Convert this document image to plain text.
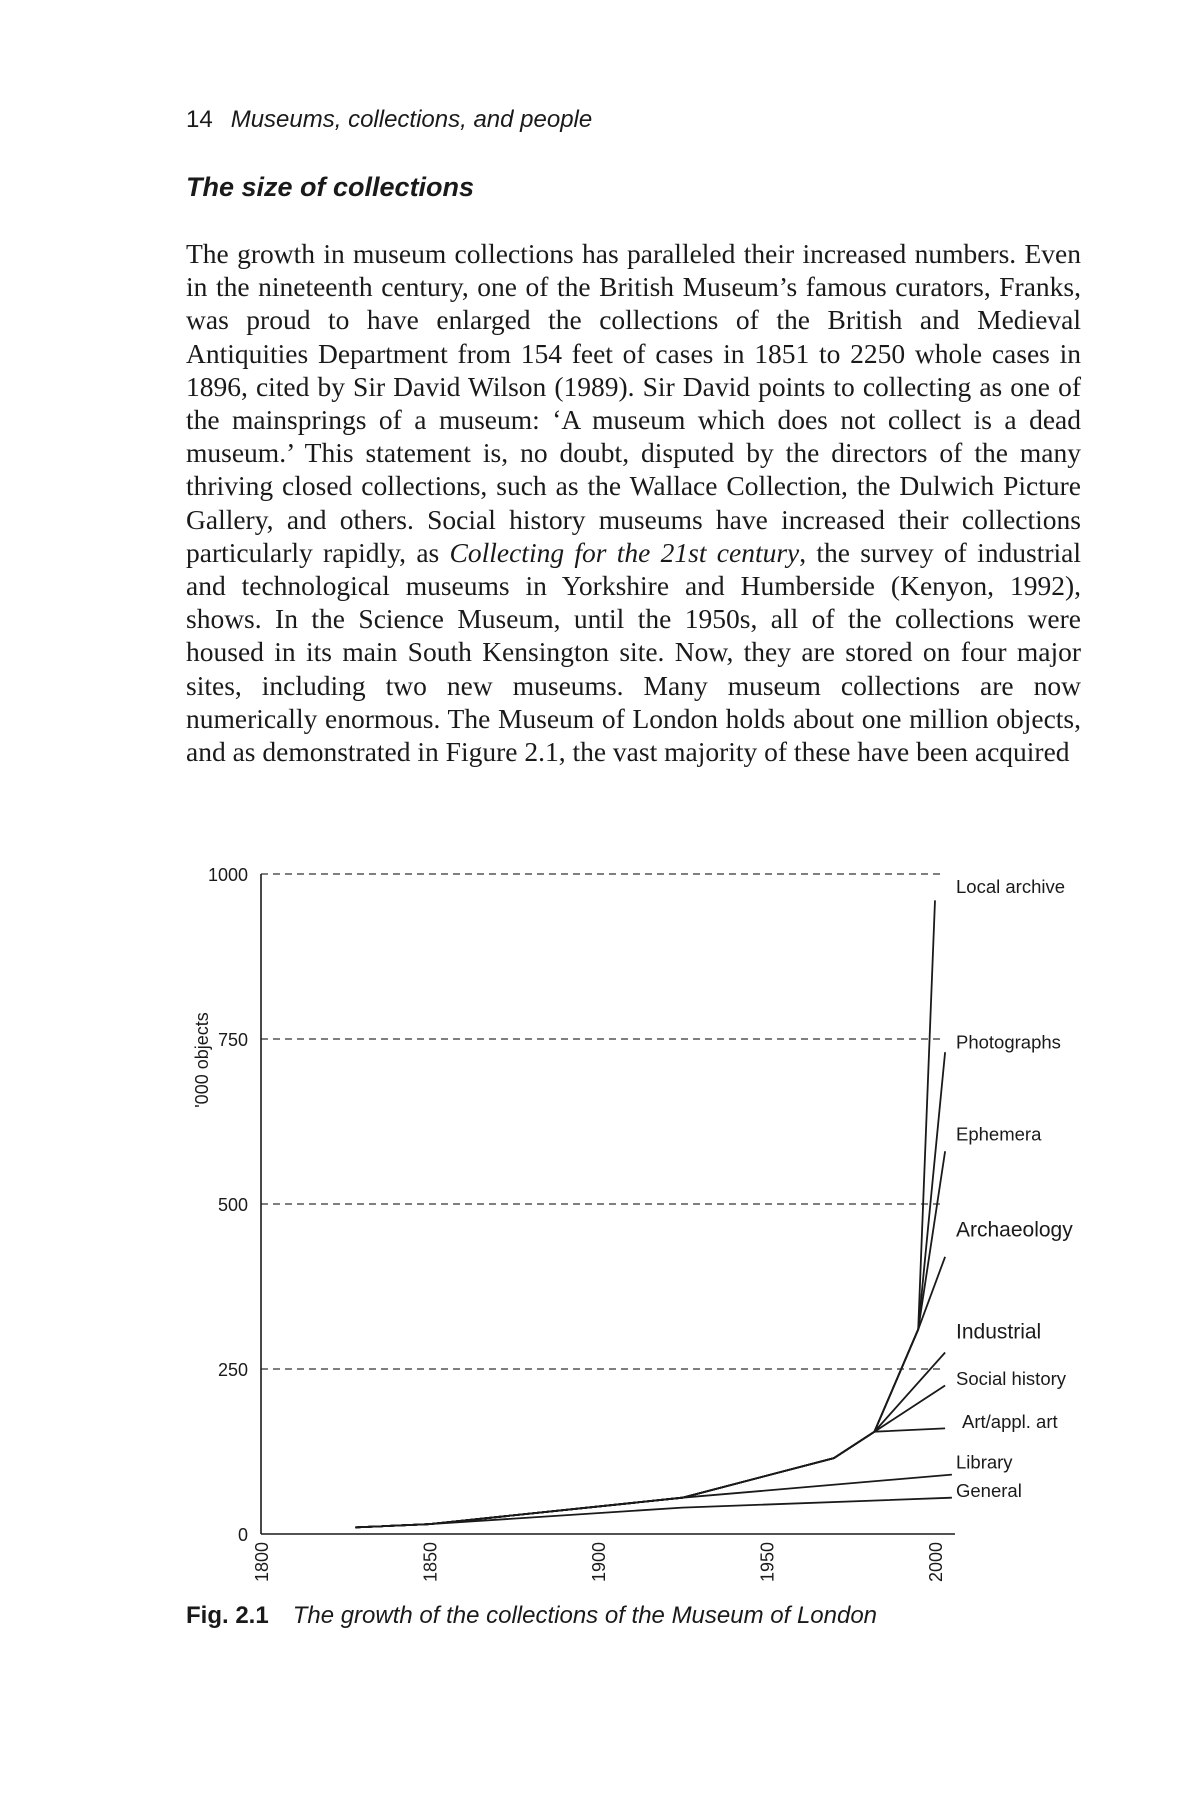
14 Museums, collections, and people
The size of collections

The growth in museum collections has paralleled their increased numbers. Even in the nineteenth century, one of the British Museum’s famous curators, Franks, was proud to have enlarged the collections of the British and Medieval Antiquities Department from 154 feet of cases in 1851 to 2250 whole cases in 1896, cited by Sir David Wilson (1989). Sir David points to collecting as one of the mainsprings of a museum: ‘A museum which does not collect is a dead museum.’ This statement is, no doubt, disputed by the directors of the many thriving closed collections, such as the Wallace Collection, the Dulwich Picture Gallery, and others. Social history museums have increased their collections particularly rapidly, as Collecting for the 21st century, the survey of industrial and technological museums in Yorkshire and Humberside (Kenyon, 1992), shows. In the Science Museum, until the 1950s, all of the collections were housed in its main South Kensington site. Now, they are stored on four major sites, including two new museums. Many museum collections are now numerically enormous. The Museum of London holds about one million objects, and as demonstrated in Figure 2.1, the vast majority of these have been acquired

0
250
500
750
1000
1800	1850	1900	1950	2000
General
Library
Art/appl. art
Social history
Industrial
Archaeology
Ephemera
Photographs
Local archive
'000 objects
Fig. 2.1 The growth of the collections of the Museum of London
